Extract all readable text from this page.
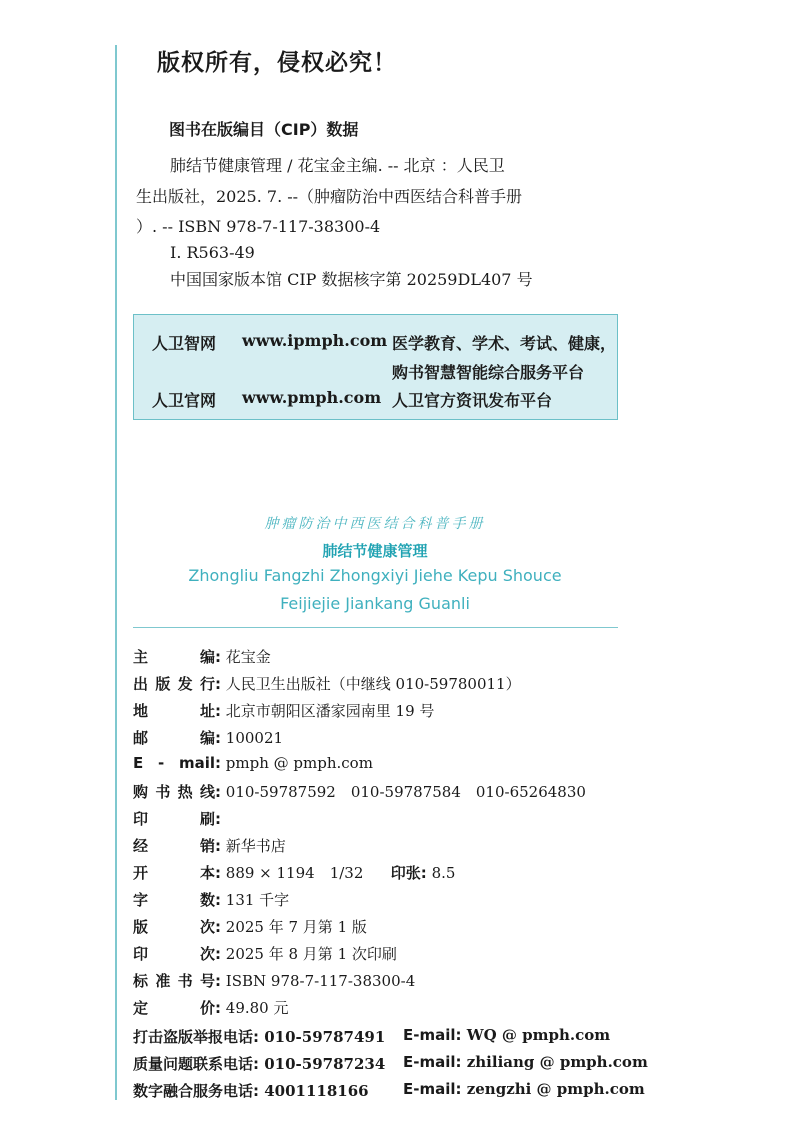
版权所有，侵权必究！
图书在版编目（CIP）数据
肺结节健康管理 / 花宝金主编. -- 北京 ：人民卫
生出版社，2025. 7. --（肿瘤防治中西医结合科普手册
）. -- ISBN 978-7-117-38300-4
Ⅰ. R563-49
中国国家版本馆 CIP 数据核字第 20259DL407 号
人卫智网 www.ipmph.com 医学教育、学术、考试、健康，
购书智慧智能综合服务平台
人卫官网 www.pmph.com 人卫官方资讯发布平台
肿瘤防治中西医结合科普手册
肺结节健康管理
Zhongliu Fangzhi Zhongxiyi Jiehe Kepu Shouce
Feijiejie Jiankang Guanli
主　编: 花宝金
出版发行: 人民卫生出版社（中继线 010-59780011）
地　址: 北京市朝阳区潘家园南里 19 号
邮　编: 100021
E - mail: pmph @ pmph.com
购书热线: 010-59787592　010-59787584　010-65264830
印　刷:
经　销: 新华书店
开　本: 889 × 1194　1/32 印张: 8.5
字　数: 131 千字
版　次: 2025 年 7 月第 1 版
印　次: 2025 年 8 月第 1 次印刷
标准书号: ISBN 978-7-117-38300-4
定　价: 49.80 元
打击盗版举报电话: 010-59787491 E-mail: WQ @ pmph.com
质量问题联系电话: 010-59787234 E-mail: zhiliang @ pmph.com
数字融合服务电话: 4001118166 E-mail: zengzhi @ pmph.com
